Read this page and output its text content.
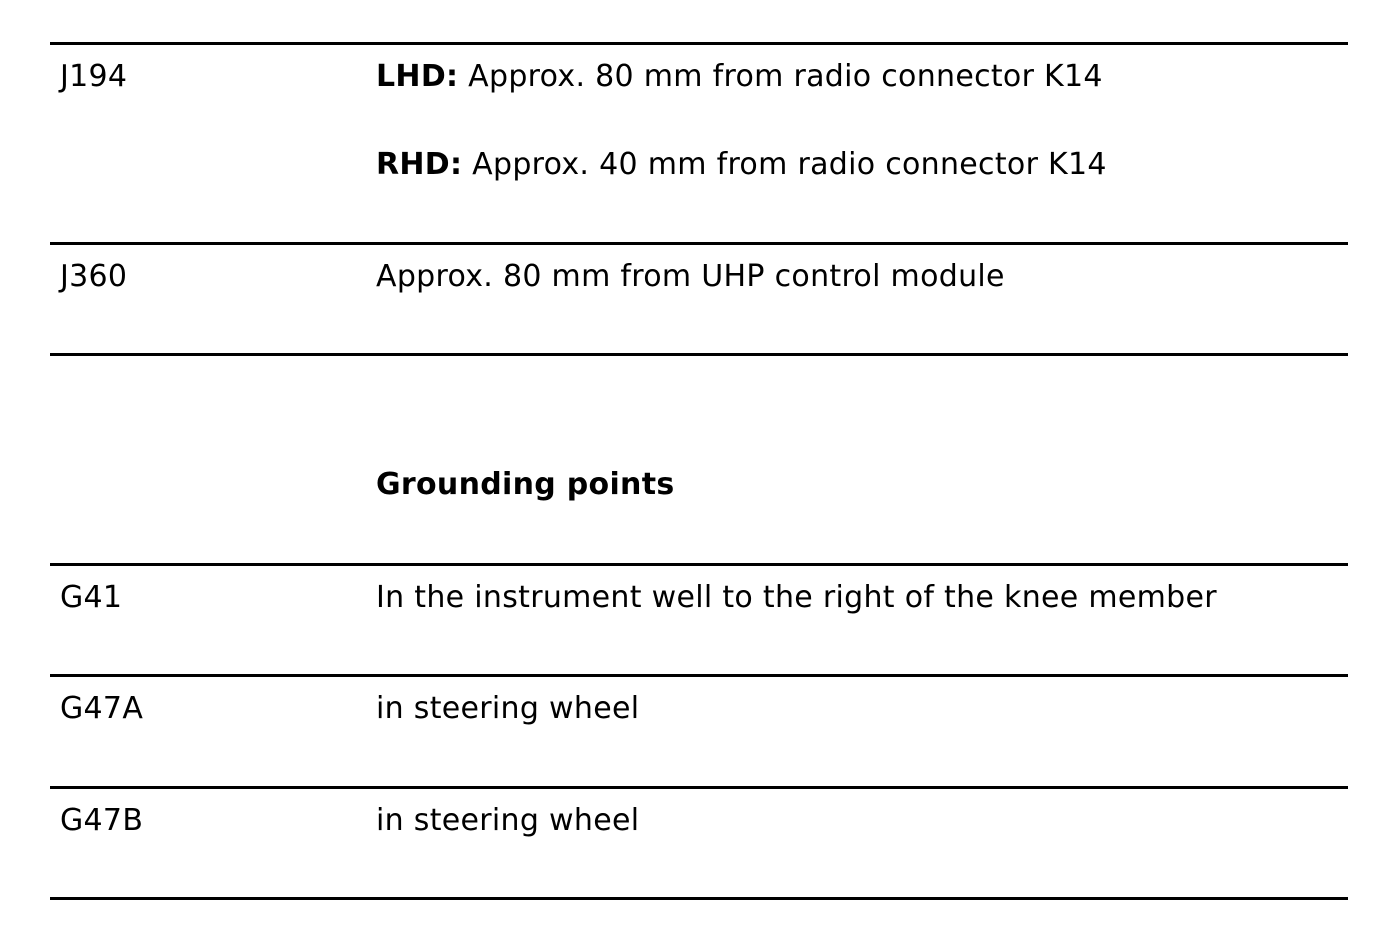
J194	LHD: Approx. 80 mm from radio connector K14
RHD: Approx. 40 mm from radio connector K14
J360	Approx. 80 mm from UHP control module
Grounding points
G41	In the instrument well to the right of the knee member
G47A	in steering wheel
G47B	in steering wheel
